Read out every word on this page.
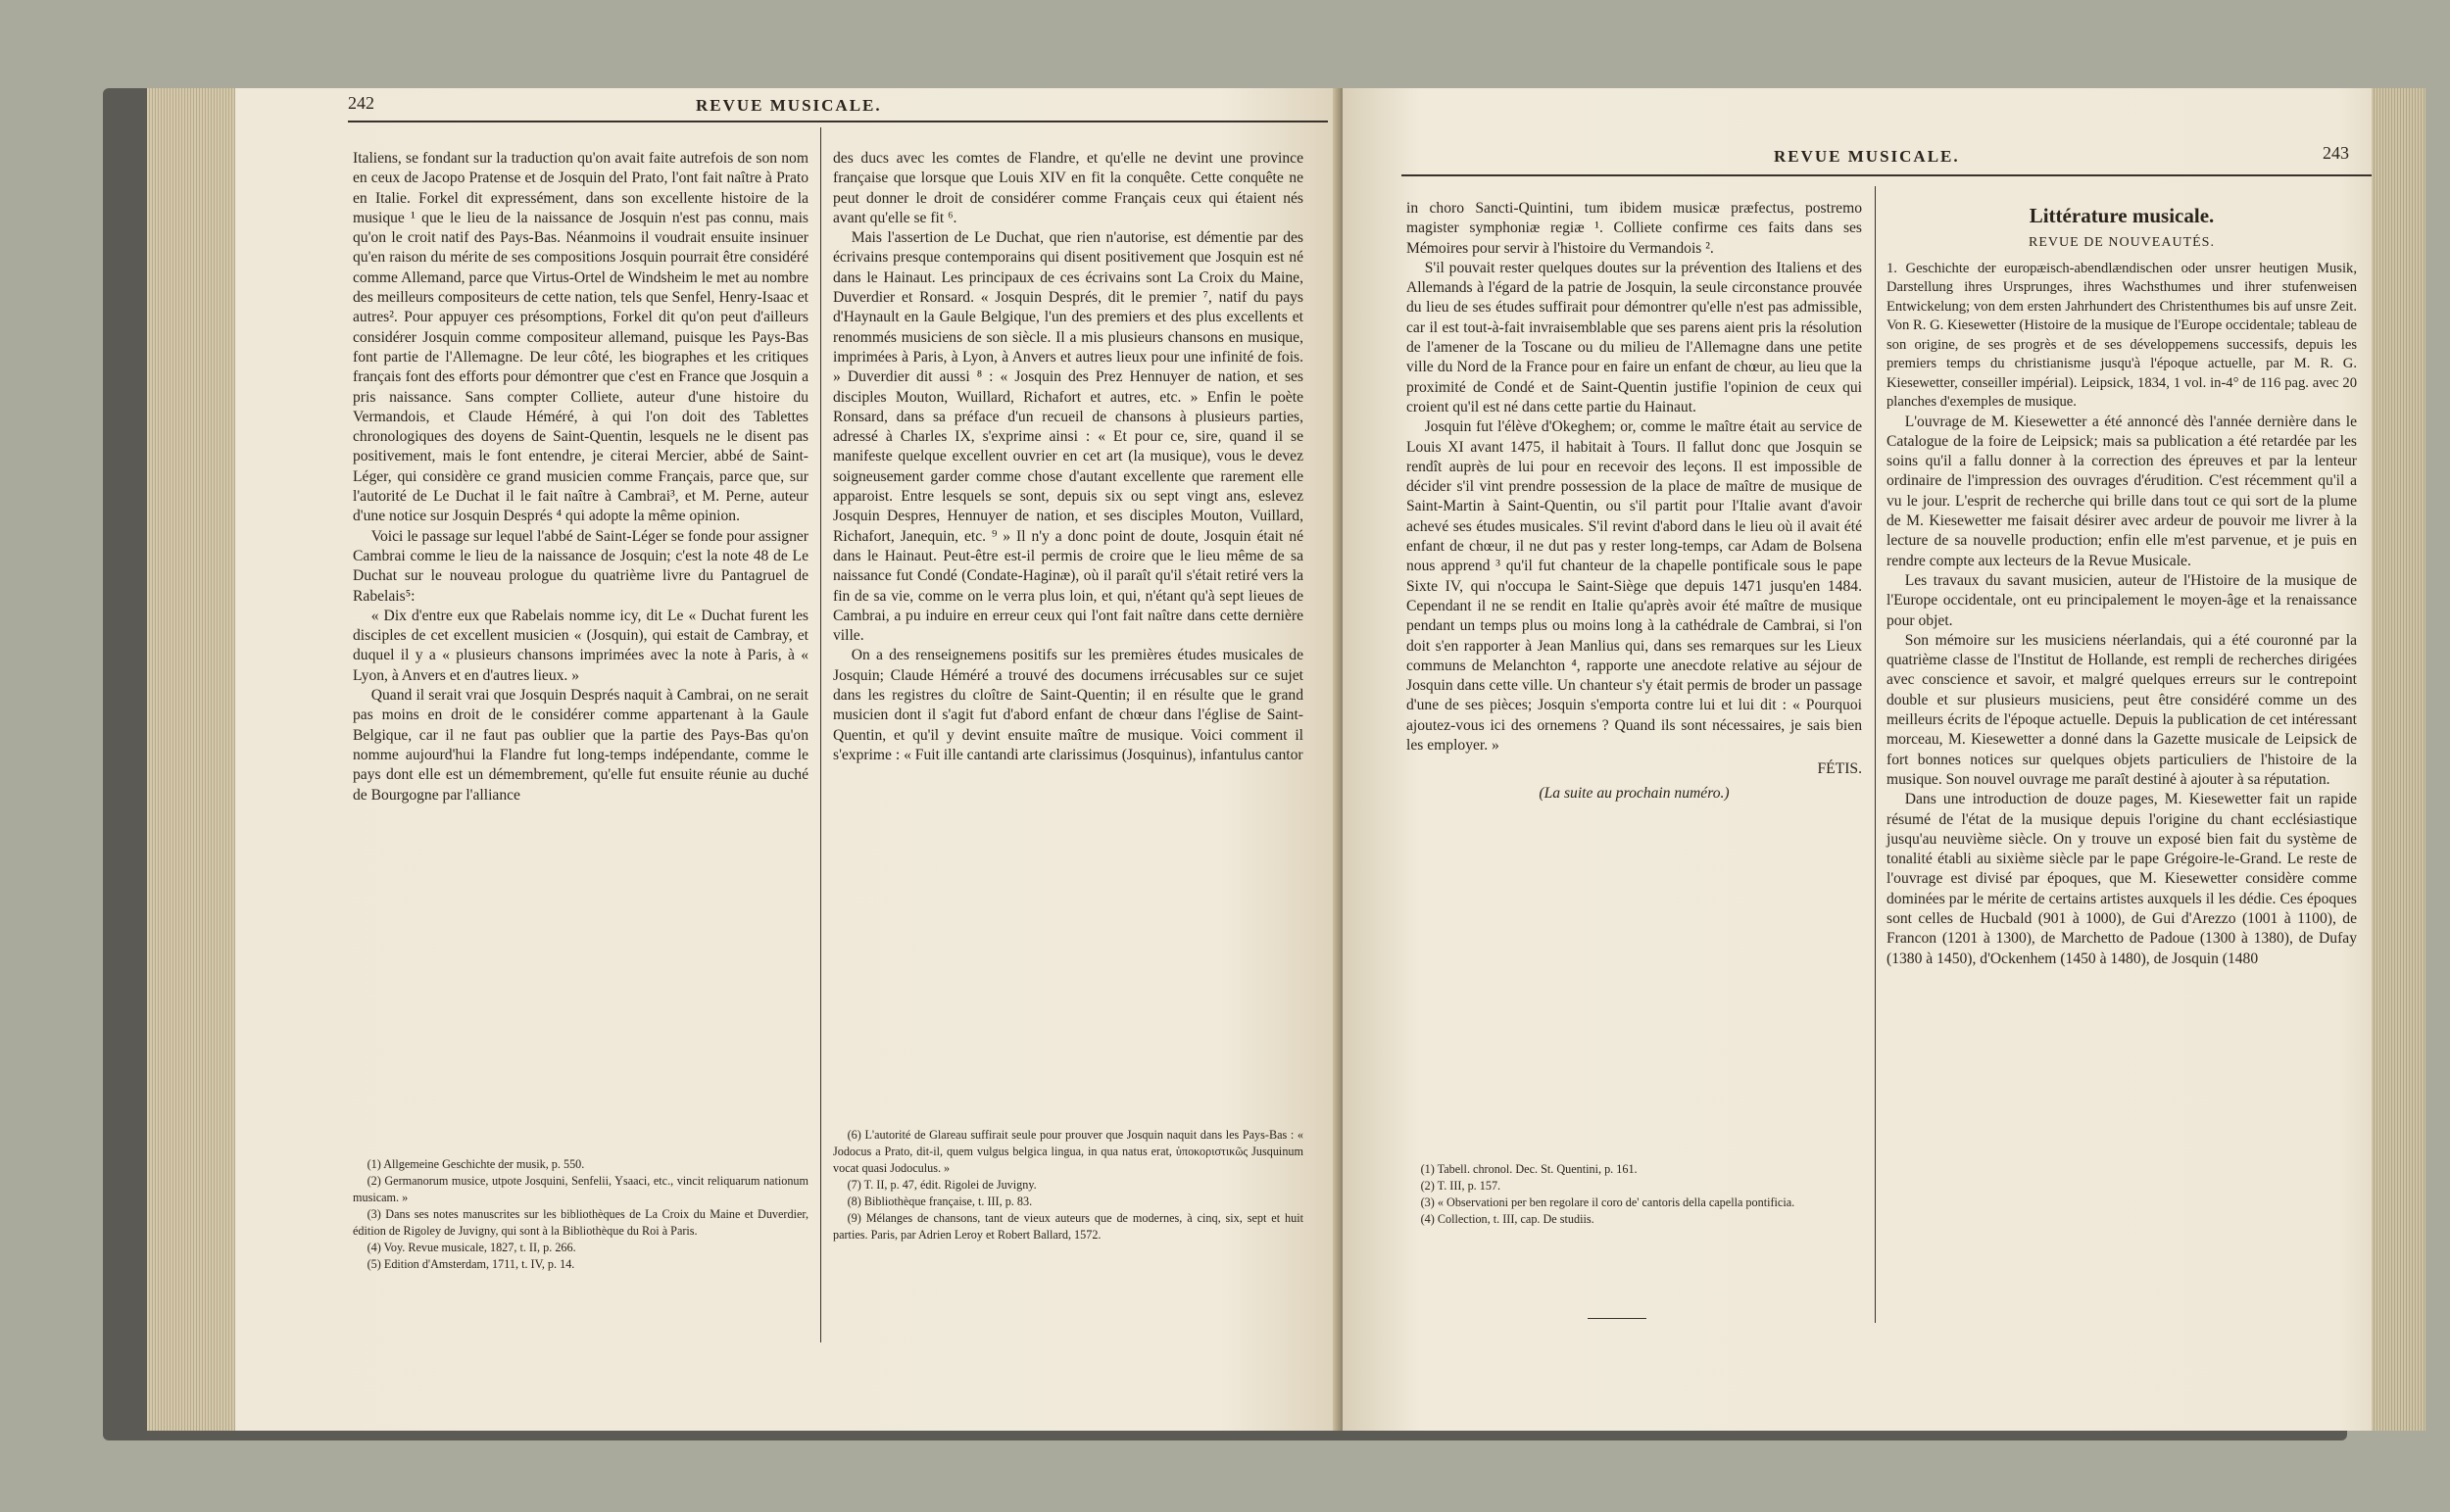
242	REVUE MUSICALE.

Italiens, se fondant sur la traduction qu'on avait faite autrefois de son nom en ceux de Jacopo Pratense et de Josquin del Prato, l'ont fait naître à Prato en Italie. Forkel dit expressément, dans son excellente histoire de la musique ¹ que le lieu de la naissance de Josquin n'est pas connu, mais qu'on le croit natif des Pays-Bas. Néanmoins il voudrait ensuite insinuer qu'en raison du mérite de ses compositions Josquin pourrait être considéré comme Allemand, parce que Virtus-Ortel de Windsheim le met au nombre des meilleurs compositeurs de cette nation, tels que Senfel, Henry-Isaac et autres². Pour appuyer ces présomptions, Forkel dit qu'on peut d'ailleurs considérer Josquin comme compositeur allemand, puisque les Pays-Bas font partie de l'Allemagne. De leur côté, les biographes et les critiques français font des efforts pour démontrer que c'est en France que Josquin a pris naissance. Sans compter Colliete, auteur d'une histoire du Vermandois, et Claude Héméré, à qui l'on doit des Tablettes chronologiques des doyens de Saint-Quentin, lesquels ne le disent pas positivement, mais le font entendre, je citerai Mercier, abbé de Saint-Léger, qui considère ce grand musicien comme Français, parce que, sur l'autorité de Le Duchat il le fait naître à Cambrai³, et M. Perne, auteur d'une notice sur Josquin Després ⁴ qui adopte la même opinion.

Voici le passage sur lequel l'abbé de Saint-Léger se fonde pour assigner Cambrai comme le lieu de la naissance de Josquin; c'est la note 48 de Le Duchat sur le nouveau prologue du quatrième livre du Pantagruel de Rabelais⁵:

« Dix d'entre eux que Rabelais nomme icy, dit Le « Duchat furent les disciples de cet excellent musicien « (Josquin), qui estait de Cambray, et duquel il y a « plusieurs chansons imprimées avec la note à Paris, à « Lyon, à Anvers et en d'autres lieux. »

Quand il serait vrai que Josquin Després naquit à Cambrai, on ne serait pas moins en droit de le considérer comme appartenant à la Gaule Belgique, car il ne faut pas oublier que la partie des Pays-Bas qu'on nomme aujourd'hui la Flandre fut long-temps indépendante, comme le pays dont elle est un démembrement, qu'elle fut ensuite réunie au duché de Bourgogne par l'alliance

(1) Allgemeine Geschichte der musik, p. 550.

(2) Germanorum musice, utpote Josquini, Senfelii, Ysaaci, etc., vincit reliquarum nationum musicam. »

(3) Dans ses notes manuscrites sur les bibliothèques de La Croix du Maine et Duverdier, édition de Rigoley de Juvigny, qui sont à la Bibliothèque du Roi à Paris.

(4) Voy. Revue musicale, 1827, t. II, p. 266.

(5) Edition d'Amsterdam, 1711, t. IV, p. 14.

des ducs avec les comtes de Flandre, et qu'elle ne devint une province française que lorsque que Louis XIV en fit la conquête. Cette conquête ne peut donner le droit de considérer comme Français ceux qui étaient nés avant qu'elle se fit ⁶.

Mais l'assertion de Le Duchat, que rien n'autorise, est démentie par des écrivains presque contemporains qui disent positivement que Josquin est né dans le Hainaut. Les principaux de ces écrivains sont La Croix du Maine, Duverdier et Ronsard. « Josquin Després, dit le premier ⁷, natif du pays d'Haynault en la Gaule Belgique, l'un des premiers et des plus excellents et renommés musiciens de son siècle. Il a mis plusieurs chansons en musique, imprimées à Paris, à Lyon, à Anvers et autres lieux pour une infinité de fois. » Duverdier dit aussi ⁸ : « Josquin des Prez Hennuyer de nation, et ses disciples Mouton, Wuillard, Richafort et autres, etc. » Enfin le poète Ronsard, dans sa préface d'un recueil de chansons à plusieurs parties, adressé à Charles IX, s'exprime ainsi : « Et pour ce, sire, quand il se manifeste quelque excellent ouvrier en cet art (la musique), vous le devez soigneusement garder comme chose d'autant excellente que rarement elle apparoist. Entre lesquels se sont, depuis six ou sept vingt ans, eslevez Josquin Despres, Hennuyer de nation, et ses disciples Mouton, Vuillard, Richafort, Janequin, etc. ⁹ » Il n'y a donc point de doute, Josquin était né dans le Hainaut. Peut-être est-il permis de croire que le lieu même de sa naissance fut Condé (Condate-Haginæ), où il paraît qu'il s'était retiré vers la fin de sa vie, comme on le verra plus loin, et qui, n'étant qu'à sept lieues de Cambrai, a pu induire en erreur ceux qui l'ont fait naître dans cette dernière ville.

On a des renseignemens positifs sur les premières études musicales de Josquin; Claude Héméré a trouvé des documens irrécusables sur ce sujet dans les registres du cloître de Saint-Quentin; il en résulte que le grand musicien dont il s'agit fut d'abord enfant de chœur dans l'église de Saint-Quentin, et qu'il y devint ensuite maître de musique. Voici comment il s'exprime : « Fuit ille cantandi arte clarissimus (Josquinus), infantulus cantor

(6) L'autorité de Glareau suffirait seule pour prouver que Josquin naquit dans les Pays-Bas : « Jodocus a Prato, dit-il, quem vulgus belgica lingua, in qua natus erat, ὑποκοριστικῶς Jusquinum vocat quasi Jodoculus. »

(7) T. II, p. 47, édit. Rigolei de Juvigny.

(8) Bibliothèque française, t. III, p. 83.

(9) Mélanges de chansons, tant de vieux auteurs que de modernes, à cinq, six, sept et huit parties. Paris, par Adrien Leroy et Robert Ballard, 1572.

REVUE MUSICALE.	243

in choro Sancti-Quintini, tum ibidem musicæ præfectus, postremo magister symphoniæ regiæ ¹. Colliete confirme ces faits dans ses Mémoires pour servir à l'histoire du Vermandois ².

S'il pouvait rester quelques doutes sur la prévention des Italiens et des Allemands à l'égard de la patrie de Josquin, la seule circonstance prouvée du lieu de ses études suffirait pour démontrer qu'elle n'est pas admissible, car il est tout-à-fait invraisemblable que ses parens aient pris la résolution de l'amener de la Toscane ou du milieu de l'Allemagne dans une petite ville du Nord de la France pour en faire un enfant de chœur, au lieu que la proximité de Condé et de Saint-Quentin justifie l'opinion de ceux qui croient qu'il est né dans cette partie du Hainaut.

Josquin fut l'élève d'Okeghem; or, comme le maître était au service de Louis XI avant 1475, il habitait à Tours. Il fallut donc que Josquin se rendît auprès de lui pour en recevoir des leçons. Il est impossible de décider s'il vint prendre possession de la place de maître de musique de Saint-Martin à Saint-Quentin, ou s'il partit pour l'Italie avant d'avoir achevé ses études musicales. S'il revint d'abord dans le lieu où il avait été enfant de chœur, il ne dut pas y rester long-temps, car Adam de Bolsena nous apprend ³ qu'il fut chanteur de la chapelle pontificale sous le pape Sixte IV, qui n'occupa le Saint-Siège que depuis 1471 jusqu'en 1484. Cependant il ne se rendit en Italie qu'après avoir été maître de musique pendant un temps plus ou moins long à la cathédrale de Cambrai, si l'on doit s'en rapporter à Jean Manlius qui, dans ses remarques sur les Lieux communs de Melanchton ⁴, rapporte une anecdote relative au séjour de Josquin dans cette ville. Un chanteur s'y était permis de broder un passage d'une de ses pièces; Josquin s'emporta contre lui et lui dit : « Pourquoi ajoutez-vous ici des ornemens ? Quand ils sont nécessaires, je sais bien les employer. »

FÉTIS.

(La suite au prochain numéro.)

(1) Tabell. chronol. Dec. St. Quentini, p. 161.

(2) T. III, p. 157.

(3) « Observationi per ben regolare il coro de' cantoris della capella pontificia.

(4) Collection, t. III, cap. De studiis.

Littérature musicale.
REVUE DE NOUVEAUTÉS.

1. Geschichte der europæisch-abendlændischen oder unsrer heutigen Musik, Darstellung ihres Ursprunges, ihres Wachsthumes und ihrer stufenweisen Entwickelung; von dem ersten Jahrhundert des Christenthumes bis auf unsre Zeit. Von R. G. Kiesewetter (Histoire de la musique de l'Europe occidentale; tableau de son origine, de ses progrès et de ses développemens successifs, depuis les premiers temps du christianisme jusqu'à l'époque actuelle, par M. R. G. Kiesewetter, conseiller impérial). Leipsick, 1834, 1 vol. in-4° de 116 pag. avec 20 planches d'exemples de musique.

L'ouvrage de M. Kiesewetter a été annoncé dès l'année dernière dans le Catalogue de la foire de Leipsick; mais sa publication a été retardée par les soins qu'il a fallu donner à la correction des épreuves et par la lenteur ordinaire de l'impression des ouvrages d'érudition. C'est récemment qu'il a vu le jour. L'esprit de recherche qui brille dans tout ce qui sort de la plume de M. Kiesewetter me faisait désirer avec ardeur de pouvoir me livrer à la lecture de sa nouvelle production; enfin elle m'est parvenue, et je puis en rendre compte aux lecteurs de la Revue Musicale.

Les travaux du savant musicien, auteur de l'Histoire de la musique de l'Europe occidentale, ont eu principalement le moyen-âge et la renaissance pour objet.

Son mémoire sur les musiciens néerlandais, qui a été couronné par la quatrième classe de l'Institut de Hollande, est rempli de recherches dirigées avec conscience et savoir, et malgré quelques erreurs sur le contrepoint double et sur plusieurs musiciens, peut être considéré comme un des meilleurs écrits de l'époque actuelle. Depuis la publication de cet intéressant morceau, M. Kiesewetter a donné dans la Gazette musicale de Leipsick de fort bonnes notices sur quelques objets particuliers de l'histoire de la musique. Son nouvel ouvrage me paraît destiné à ajouter à sa réputation.

Dans une introduction de douze pages, M. Kiesewetter fait un rapide résumé de l'état de la musique depuis l'origine du chant ecclésiastique jusqu'au neuvième siècle. On y trouve un exposé bien fait du système de tonalité établi au sixième siècle par le pape Grégoire-le-Grand. Le reste de l'ouvrage est divisé par époques, que M. Kiesewetter considère comme dominées par le mérite de certains artistes auxquels il les dédie. Ces époques sont celles de Hucbald (901 à 1000), de Gui d'Arezzo (1001 à 1100), de Francon (1201 à 1300), de Marchetto de Padoue (1300 à 1380), de Dufay (1380 à 1450), d'Ockenhem (1450 à 1480), de Josquin (1480
